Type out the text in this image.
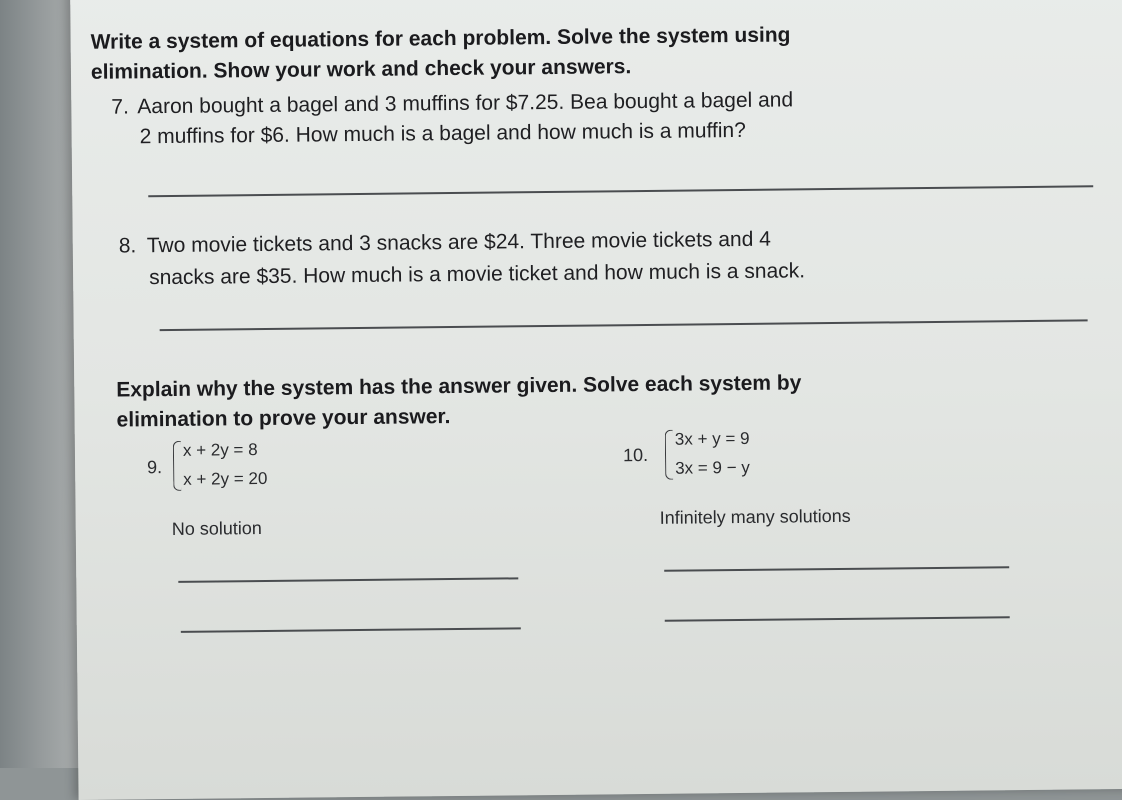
Write a system of equations for each problem. Solve the system using
elimination. Show your work and check your answers.
7. Aaron bought a bagel and 3 muffins for $7.25. Bea bought a bagel and
2 muffins for $6. How much is a bagel and how much is a muffin?
8. Two movie tickets and 3 snacks are $24. Three movie tickets and 4
snacks are $35. How much is a movie ticket and how much is a snack.
Explain why the system has the answer given. Solve each system by
elimination to prove your answer.
9.
x + 2y = 8
x + 2y = 20
No solution
10.
3x + y = 9
3x = 9 − y
Infinitely many solutions
